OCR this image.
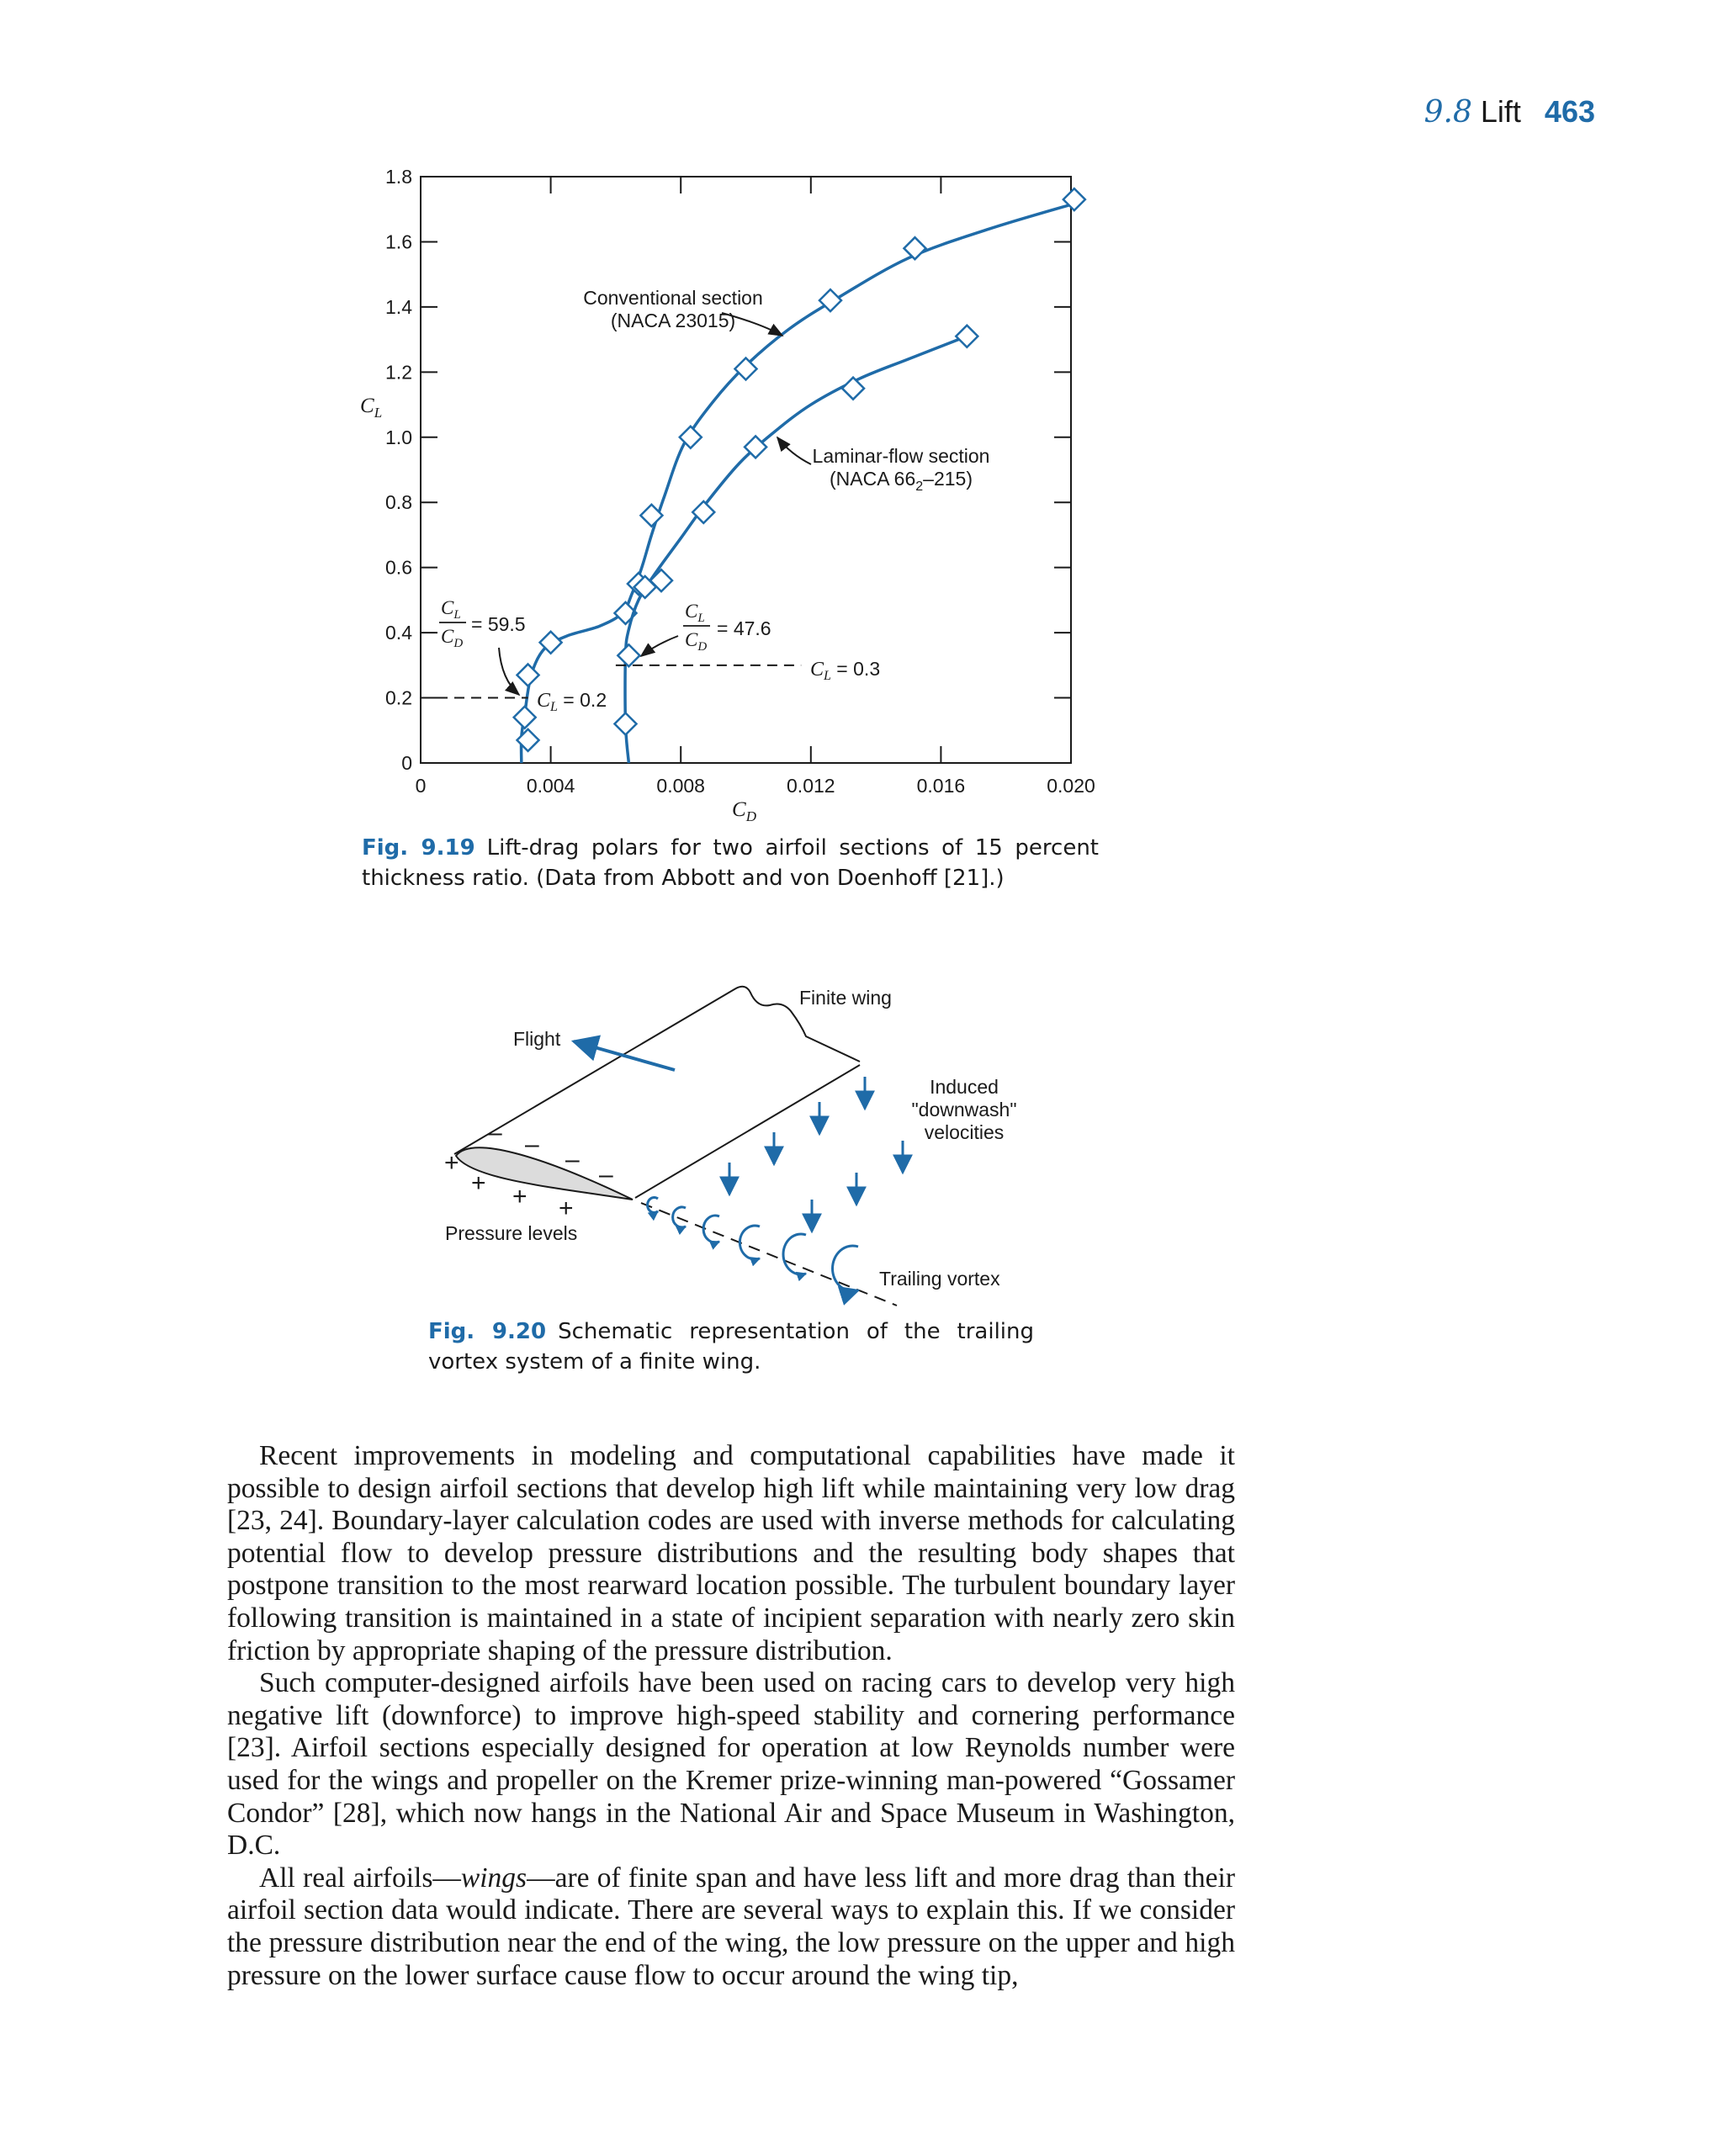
9.8 Lift 463
0	0.004	0.008	0.012	0.016	0.020
0
0.2
0.4
0.6
0.8
1.0
1.2
1.4
1.6
1.8
$C_L$
$C_D$
Conventional section
(NACA 23015)
Laminar-flow section
(NACA $66_2-215$)
$C_L$
$C_D$
= 59.5
$C_L$
$C_D$
= 47.6
$C_L = 0.2$
$C_L = 0.3$
Fig. 9.19 Lift-drag polars for two airfoil sections of 15 percent thickness ratio. (Data from Abbott and von Doenhoff [21].)
+
+ + +
– –
–
–
Finite wing
Flight
Induced
"downwash"
velocities
Pressure levels
Trailing vortex
Fig. 9.20 Schematic representation of the trailing vortex system of a finite wing.

Recent improvements in modeling and computational capabilities have made it possible to design airfoil sections that develop high lift while maintaining very low drag [23, 24]. Boundary-layer calculation codes are used with inverse methods for calculating potential flow to develop pressure distributions and the resulting body shapes that postpone transition to the most rearward location possible. The turbulent boundary layer following transition is maintained in a state of incipient separation with nearly zero skin friction by appropriate shaping of the pressure distribution.

Such computer-designed airfoils have been used on racing cars to develop very high negative lift (downforce) to improve high-speed stability and cornering performance [23]. Airfoil sections especially designed for operation at low Reynolds number were used for the wings and propeller on the Kremer prize-winning man-powered “Gossamer Condor” [28], which now hangs in the National Air and Space Museum in Washington, D.C.

All real airfoils—wings—are of finite span and have less lift and more drag than their airfoil section data would indicate. There are several ways to explain this. If we consider the pressure distribution near the end of the wing, the low pressure on the upper and high pressure on the lower surface cause flow to occur around the wing tip,
